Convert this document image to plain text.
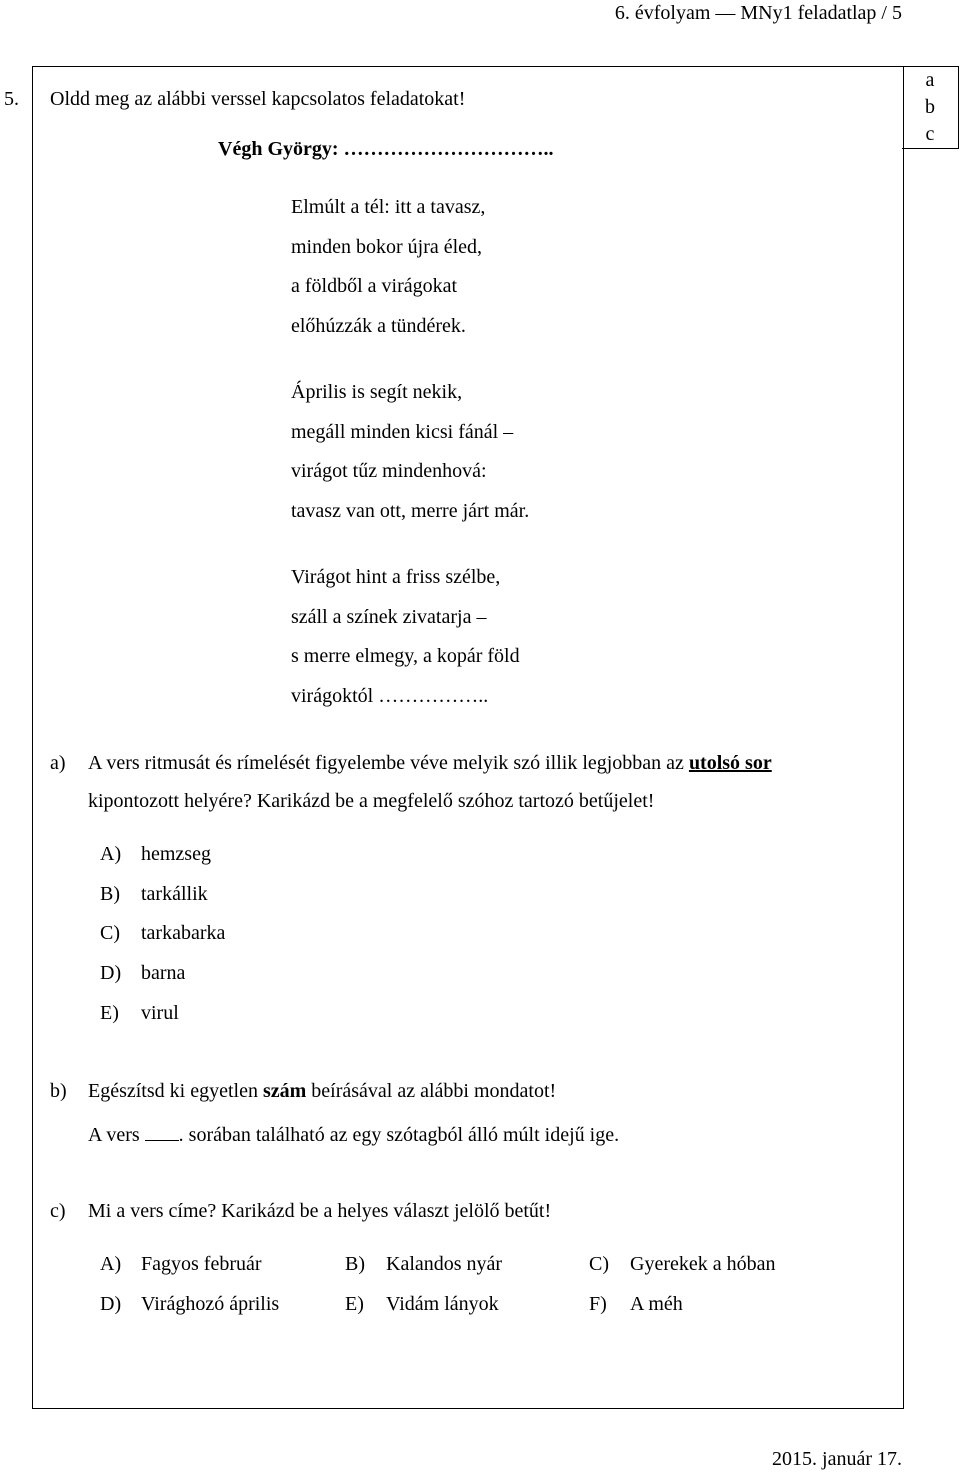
6. évfolyam — MNy1 feladatlap / 5
5. Oldd meg az alábbi verssel kapcsolatos feladatokat!
a
b
c
Végh György: …………………………..
Elmúlt a tél: itt a tavasz,
minden bokor újra éled,
a földből a virágokat
előhúzzák a tündérek.
Április is segít nekik,
megáll minden kicsi fánál –
virágot tűz mindenhová:
tavasz van ott, merre járt már.
Virágot hint a friss szélbe,
száll a színek zivatarja –
s merre elmegy, a kopár föld
virágoktól ……………..
a) A vers ritmusát és rímelését figyelembe véve melyik szó illik legjobban az utolsó sor
kipontozott helyére? Karikázd be a megfelelő szóhoz tartozó betűjelet!
A) hemzseg
B) tarkállik
C) tarkabarka
D) barna
E) virul
b) Egészítsd ki egyetlen szám beírásával az alábbi mondatot!
A vers . sorában található az egy szótagból álló múlt idejű ige.
c) Mi a vers címe? Karikázd be a helyes választ jelölő betűt!
A) Fagyos február	B) Kalandos nyár	C) Gyerekek a hóban
D) Virághozó április	E) Vidám lányok	F) A méh
2015. január 17.
